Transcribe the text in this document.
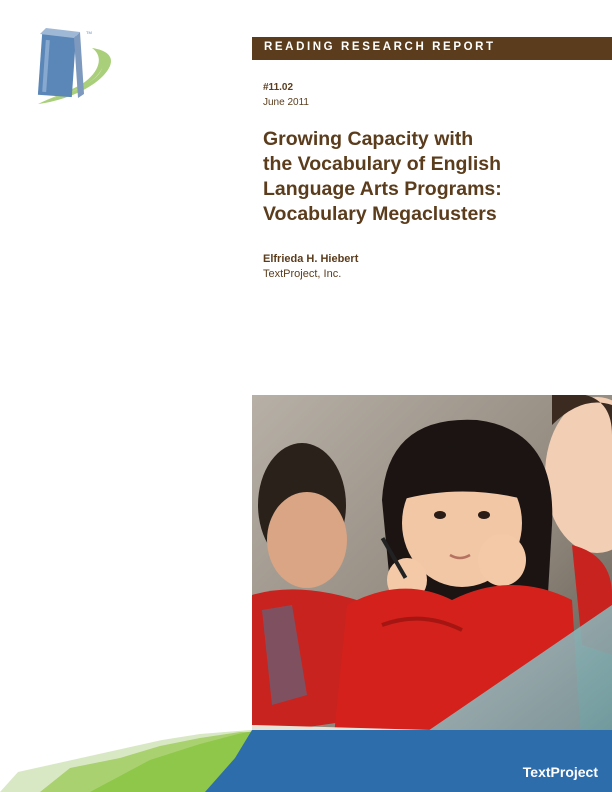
TM
READING RESEARCH REPORT
#11.02
June 2011
Growing Capacity with
the Vocabulary of English
Language Arts Programs:
Vocabulary Megaclusters
Elfrieda H. Hiebert
TextProject, Inc.
TextProject
